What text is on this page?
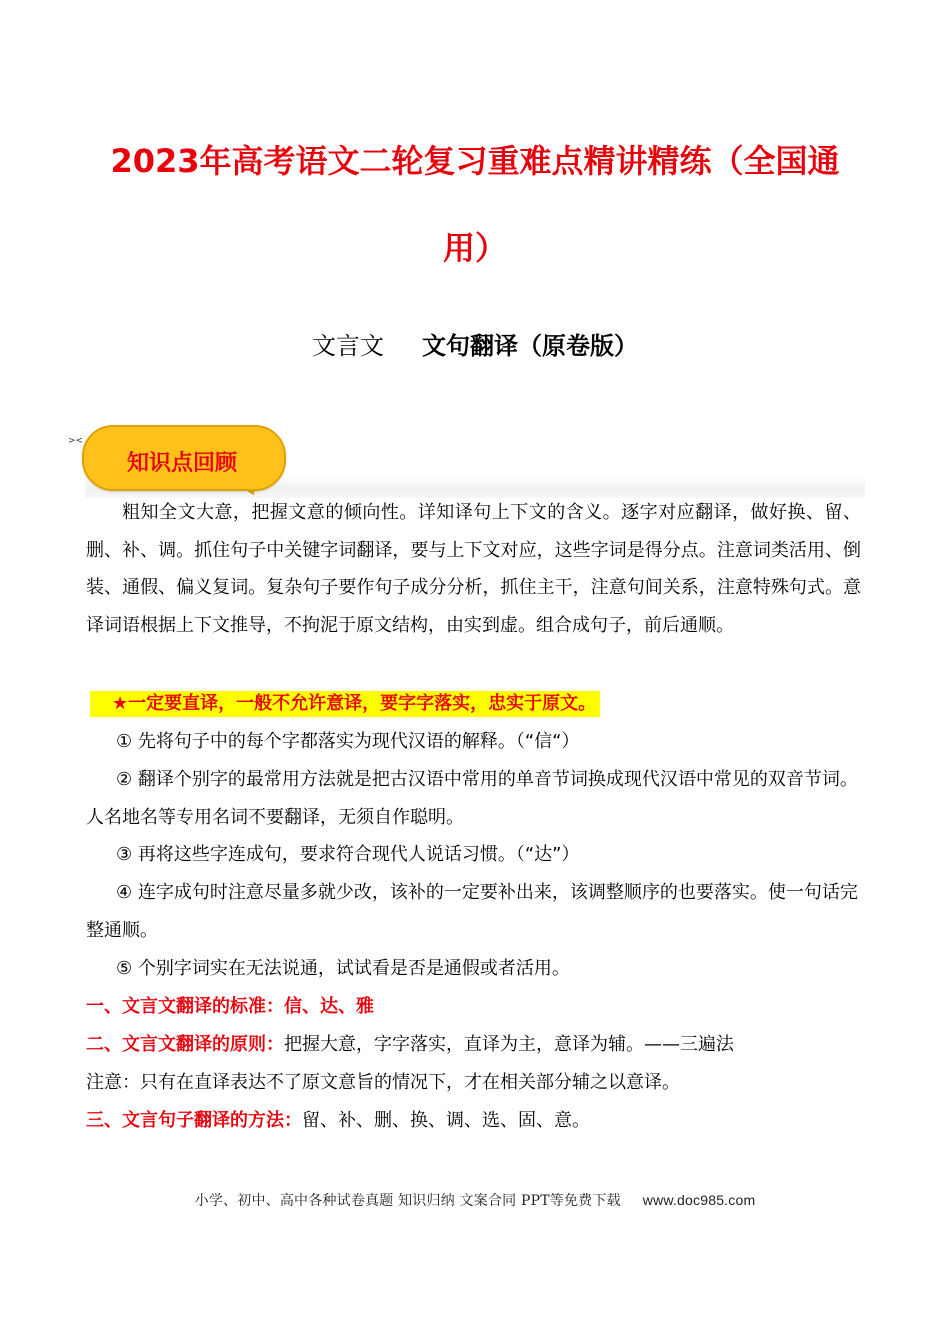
2023年高考语文二轮复习重难点精讲精练（全国通
用）
文言文 文句翻译（原卷版）
><
知识点回顾
粗知全文大意，把握文意的倾向性。详知译句上下文的含义。逐字对应翻译，做好换、留、删、补、调。抓住句子中关键字词翻译，要与上下文对应，这些字词是得分点。注意词类活用、倒装、通假、偏义复词。复杂句子要作句子成分分析，抓住主干，注意句间关系，注意特殊句式。意译词语根据上下文推导，不拘泥于原文结构，由实到虚。组合成句子，前后通顺。
★一定要直译，一般不允许意译，要字字落实，忠实于原文。
① 先将句子中的每个字都落实为现代汉语的解释。（“信“）
② 翻译个别字的最常用方法就是把古汉语中常用的单音节词换成现代汉语中常见的双音节词。人名地名等专用名词不要翻译，无须自作聪明。
③ 再将这些字连成句，要求符合现代人说话习惯。（“达”）
④ 连字成句时注意尽量多就少改，该补的一定要补出来，该调整顺序的也要落实。使一句话完整通顺。
⑤ 个别字词实在无法说通，试试看是否是通假或者活用。
一、文言文翻译的标准：信、达、雅
二、文言文翻译的原则：把握大意，字字落实，直译为主，意译为辅。——三遍法
注意：只有在直译表达不了原文意旨的情况下，才在相关部分辅之以意译。
三、文言句子翻译的方法：留、补、删、换、调、选、固、意。
小学、初中、高中各种试卷真题 知识归纳 文案合同 PPT等免费下载 www.doc985.com
